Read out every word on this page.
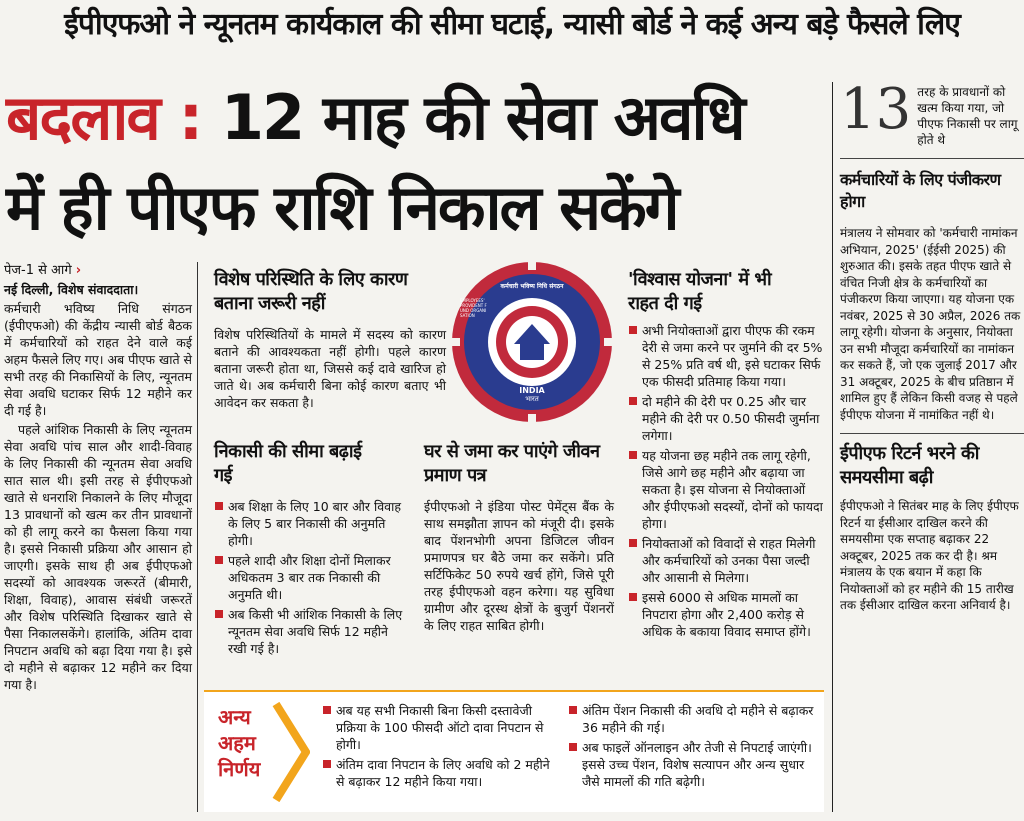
ईपीएफओ ने न्यूनतम कार्यकाल की सीमा घटाई, न्यासी बोर्ड ने कई अन्य बड़े फैसले लिए
बदलाव : 12 माह की सेवा अवधि
में ही पीएफ राशि निकाल सकेंगे

पेज-1 से आगे ›

नई दिल्ली, विशेष संवाददाता।

कर्मचारी भविष्य निधि संगठन (ईपीएफओ) की केंद्रीय न्यासी बोर्ड बैठक में कर्मचारियों को राहत देने वाले कई अहम फैसले लिए गए। अब पीएफ खाते से सभी तरह की निकासियों के लिए, न्यूनतम सेवा अवधि घटाकर सिर्फ 12 महीने कर दी गई है।

पहले आंशिक निकासी के लिए न्यूनतम सेवा अवधि पांच साल और शादी-विवाह के लिए निकासी की न्यूनतम सेवा अवधि सात साल थी। इसी तरह से ईपीएफओ खाते से धनराशि निकालने के लिए मौजूदा 13 प्रावधानों को खत्म कर तीन प्रावधानों को ही लागू करने का फैसला किया गया है। इससे निकासी प्रक्रिया और आसान हो जाएगी। इसके साथ ही अब ईपीएफओ सदस्यों को आवश्यक जरूरतें (बीमारी, शिक्षा, विवाह), आवास संबंधी जरूरतें और विशेष परिस्थिति दिखाकर खाते से पैसा निकालसकेंगे। हालांकि, अंतिम दावा निपटान अवधि को बढ़ा दिया गया है। इसे दो महीने से बढ़ाकर 12 महीने कर दिया गया है।

विशेष परिस्थिति के लिए कारण बताना जरूरी नहीं
विशेष परिस्थितियों के मामले में सदस्य को कारण बताने की आवश्यकता नहीं होगी। पहले कारण बताना जरूरी होता था, जिससे कई दावे खारिज हो जाते थे। अब कर्मचारी बिना कोई कारण बताए भी आवेदन कर सकता है।
निकासी की सीमा बढ़ाई गई
अब शिक्षा के लिए 10 बार और विवाह के लिए 5 बार निकासी की अनुमति होगी।
पहले शादी और शिक्षा दोनों मिलाकर अधिकतम 3 बार तक निकासी की अनुमति थी।
अब किसी भी आंशिक निकासी के लिए न्यूनतम सेवा अवधि सिर्फ 12 महीने रखी गई है।
कर्मचारी भविष्य निधि संगठन
EMPLOYEES' PROVIDENT FUND ORGANISATION
INDIA
भारत
घर से जमा कर पाएंगे जीवन प्रमाण पत्र
ईपीएफओ ने इंडिया पोस्ट पेमेंट्स बैंक के साथ समझौता ज्ञापन को मंजूरी दी। इसके बाद पेंशनभोगी अपना डिजिटल जीवन प्रमाणपत्र घर बैठे जमा कर सकेंगे। प्रति सर्टिफिकेट 50 रुपये खर्च होंगे, जिसे पूरी तरह ईपीएफओ वहन करेगा। यह सुविधा ग्रामीण और दूरस्थ क्षेत्रों के बुजुर्ग पेंशनरों के लिए राहत साबित होगी।
'विश्वास योजना' में भी राहत दी गई
अभी नियोक्ताओं द्वारा पीएफ की रकम देरी से जमा करने पर जुर्माने की दर 5% से 25% प्रति वर्ष थी, इसे घटाकर सिर्फ एक फीसदी प्रतिमाह किया गया।
दो महीने की देरी पर 0.25 और चार महीने की देरी पर 0.50 फीसदी जुर्माना लगेगा।
यह योजना छह महीने तक लागू रहेगी, जिसे आगे छह महीने और बढ़ाया जा सकता है। इस योजना से नियोक्ताओं और ईपीएफओ सदस्यों, दोनों को फायदा होगा।
नियोक्ताओं को विवादों से राहत मिलेगी और कर्मचारियों को उनका पैसा जल्दी और आसानी से मिलेगा।
इससे 6000 से अधिक मामलों का निपटारा होगा और 2,400 करोड़ से अधिक के बकाया विवाद समाप्त होंगे।
13 तरह के प्रावधानों को खत्म किया गया, जो पीएफ निकासी पर लागू होते थे
कर्मचारियों के लिए पंजीकरण होगा
मंत्रालय ने सोमवार को 'कर्मचारी नामांकन अभियान, 2025' (ईईसी 2025) की शुरुआत की। इसके तहत पीएफ खाते से वंचित निजी क्षेत्र के कर्मचारियों का पंजीकरण किया जाएगा। यह योजना एक नवंबर, 2025 से 30 अप्रैल, 2026 तक लागू रहेगी। योजना के अनुसार, नियोक्ता उन सभी मौजूदा कर्मचारियों का नामांकन कर सकते हैं, जो एक जुलाई 2017 और 31 अक्टूबर, 2025 के बीच प्रतिष्ठान में शामिल हुए हैं लेकिन किसी वजह से पहले ईपीएफ योजना में नामांकित नहीं थे।
ईपीएफ रिटर्न भरने की समयसीमा बढ़ी
ईपीएफओ ने सितंबर माह के लिए ईपीएफ रिटर्न या ईसीआर दाखिल करने की समयसीमा एक सप्ताह बढ़ाकर 22 अक्टूबर, 2025 तक कर दी है। श्रम मंत्रालय के एक बयान में कहा कि नियोक्ताओं को हर महीने की 15 तारीख तक ईसीआर दाखिल करना अनिवार्य है।
अन्य
अहम
निर्णय
अब यह सभी निकासी बिना किसी दस्तावेजी प्रक्रिया के 100 फीसदी ऑटो दावा निपटान से होगी।
अंतिम दावा निपटान के लिए अवधि को 2 महीने से बढ़ाकर 12 महीने किया गया।
अंतिम पेंशन निकासी की अवधि दो महीने से बढ़ाकर 36 महीने की गई।
अब फाइलें ऑनलाइन और तेजी से निपटाई जाएंगी। इससे उच्च पेंशन, विशेष सत्यापन और अन्य सुधार जैसे मामलों की गति बढ़ेगी।
